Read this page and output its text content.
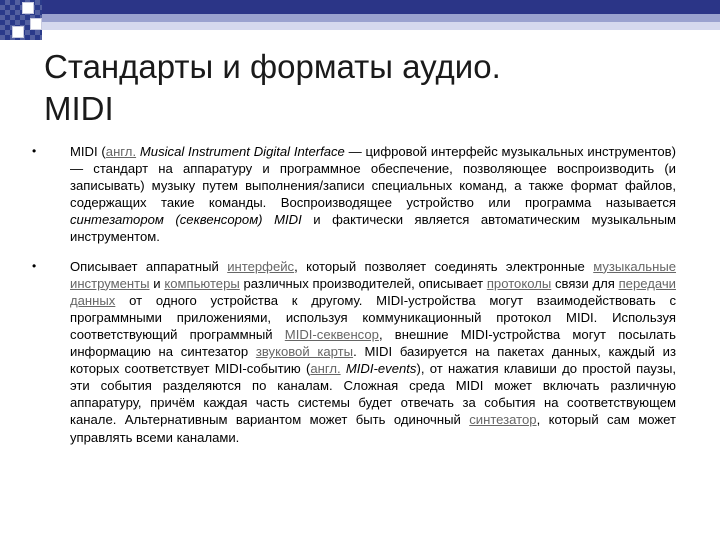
Стандарты и форматы аудио.
MIDI
•	MIDI (англ. Musical Instrument Digital Interface — цифровой интерфейс музыкальных инструментов) — стандарт на аппаратуру и программное обеспечение, позволяющее воспроизводить (и записывать) музыку путем выполнения/записи специальных команд, а также формат файлов, содержащих такие команды. Воспроизводящее устройство или программа называется синтезатором (секвенсором) MIDI и фактически является автоматическим музыкальным инструментом.
•	Описывает аппаратный интерфейс, который позволяет соединять электронные музыкальные инструменты и компьютеры различных производителей, описывает протоколы связи для передачи данных от одного устройства к другому. MIDI-устройства могут взаимодействовать с программными приложениями, используя коммуникационный протокол MIDI. Используя соответствующий программный MIDI-секвенсор, внешние MIDI-устройства могут посылать информацию на синтезатор звуковой карты. MIDI базируется на пакетах данных, каждый из которых соответствует MIDI-событию (англ. MIDI-events), от нажатия клавиши до простой паузы, эти события разделяются по каналам. Сложная среда MIDI может включать различную аппаратуру, причём каждая часть системы будет отвечать за события на соответствующем канале. Альтернативным вариантом может быть одиночный синтезатор, который сам может управлять всеми каналами.
